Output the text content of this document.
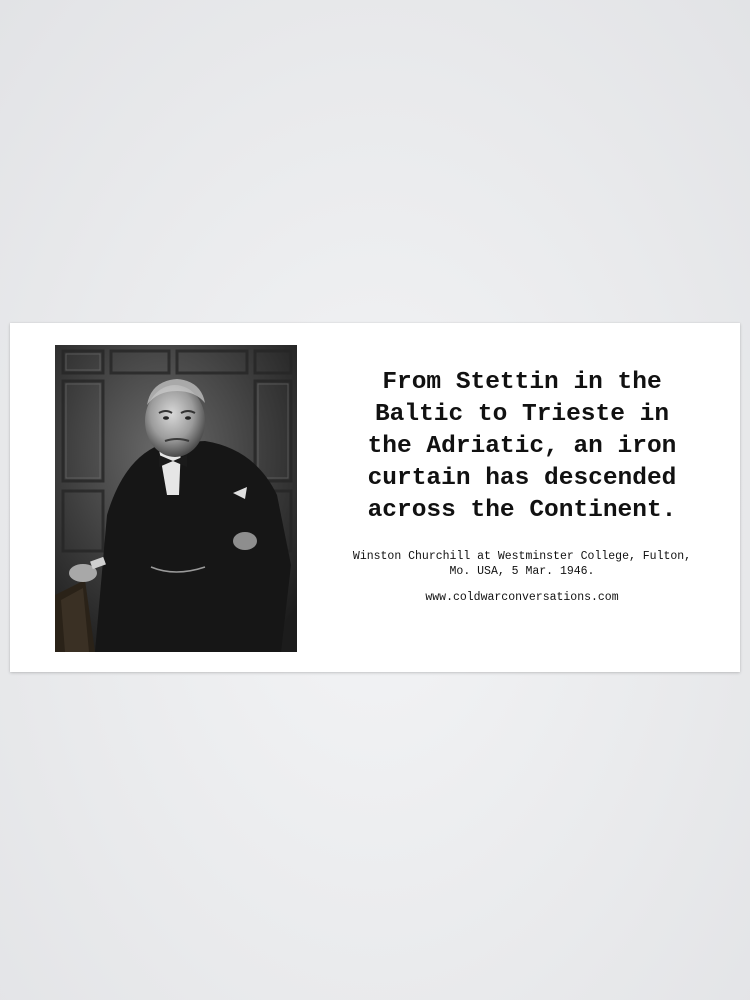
From Stettin in the
Baltic to Trieste in
the Adriatic, an iron
curtain has descended
across the Continent.

Winston Churchill at Westminster College, Fulton,
Mo. USA, 5 Mar. 1946.

www.coldwarconversations.com
